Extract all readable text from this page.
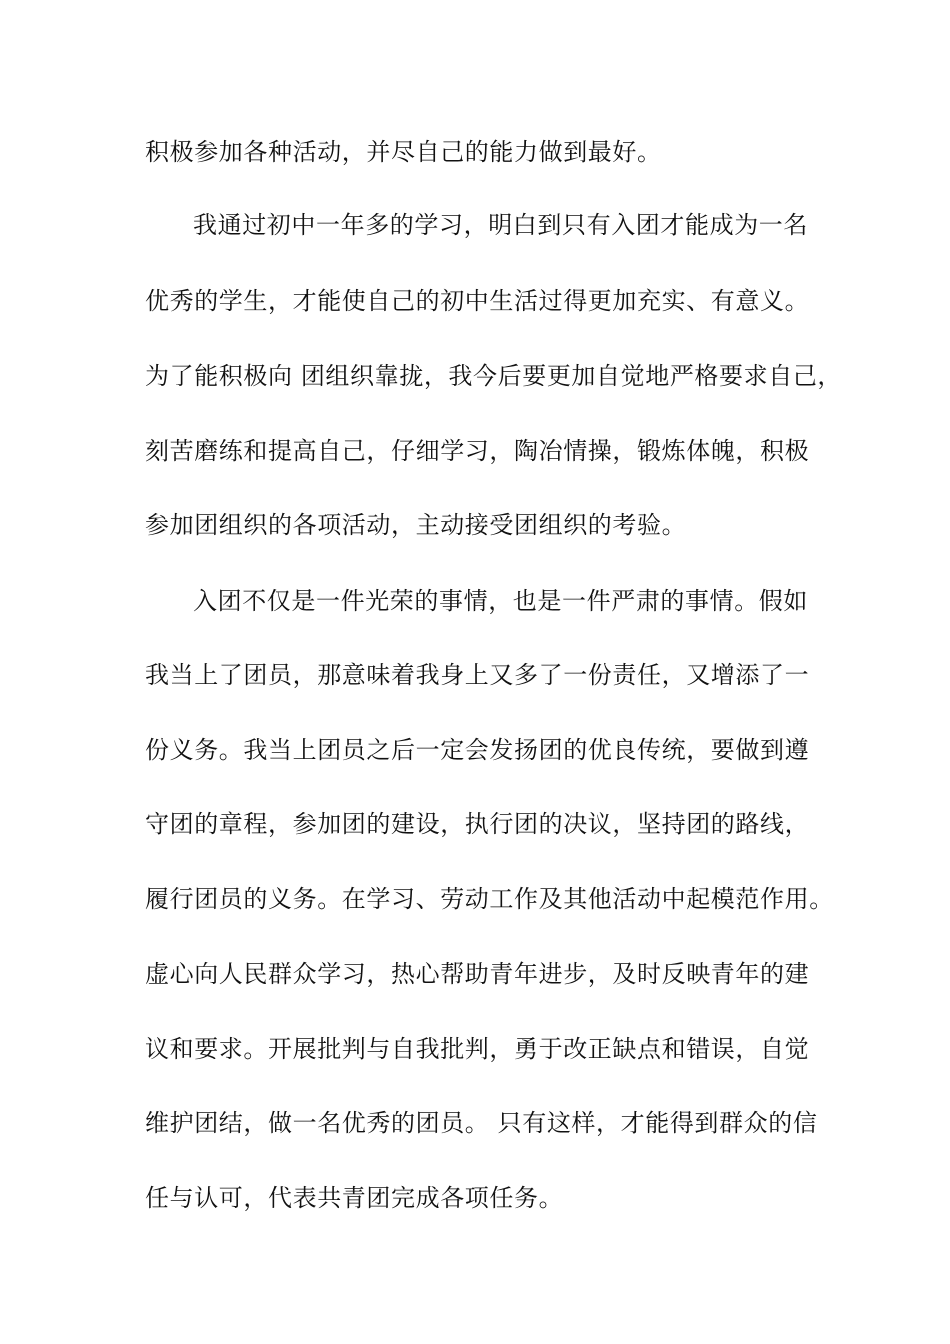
积极参加各种活动，并尽自己的能力做到最好。
我通过初中一年多的学习，明白到只有入团才能成为一名
优秀的学生，才能使自己的初中生活过得更加充实、有意义。
为了能积极向 团组织靠拢，我今后要更加自觉地严格要求自己，
刻苦磨练和提高自己，仔细学习，陶冶情操，锻炼体魄，积极
参加团组织的各项活动，主动接受团组织的考验。
入团不仅是一件光荣的事情，也是一件严肃的事情。假如
我当上了团员，那意味着我身上又多了一份责任，又增添了一
份义务。我当上团员之后一定会发扬团的优良传统，要做到遵
守团的章程，参加团的建设，执行团的决议，坚持团的路线，
履行团员的义务。在学习、劳动工作及其他活动中起模范作用。
虚心向人民群众学习，热心帮助青年进步，及时反映青年的建
议和要求。开展批判与自我批判，勇于改正缺点和错误，自觉
维护团结，做一名优秀的团员。 只有这样，才能得到群众的信
任与认可，代表共青团完成各项任务。
